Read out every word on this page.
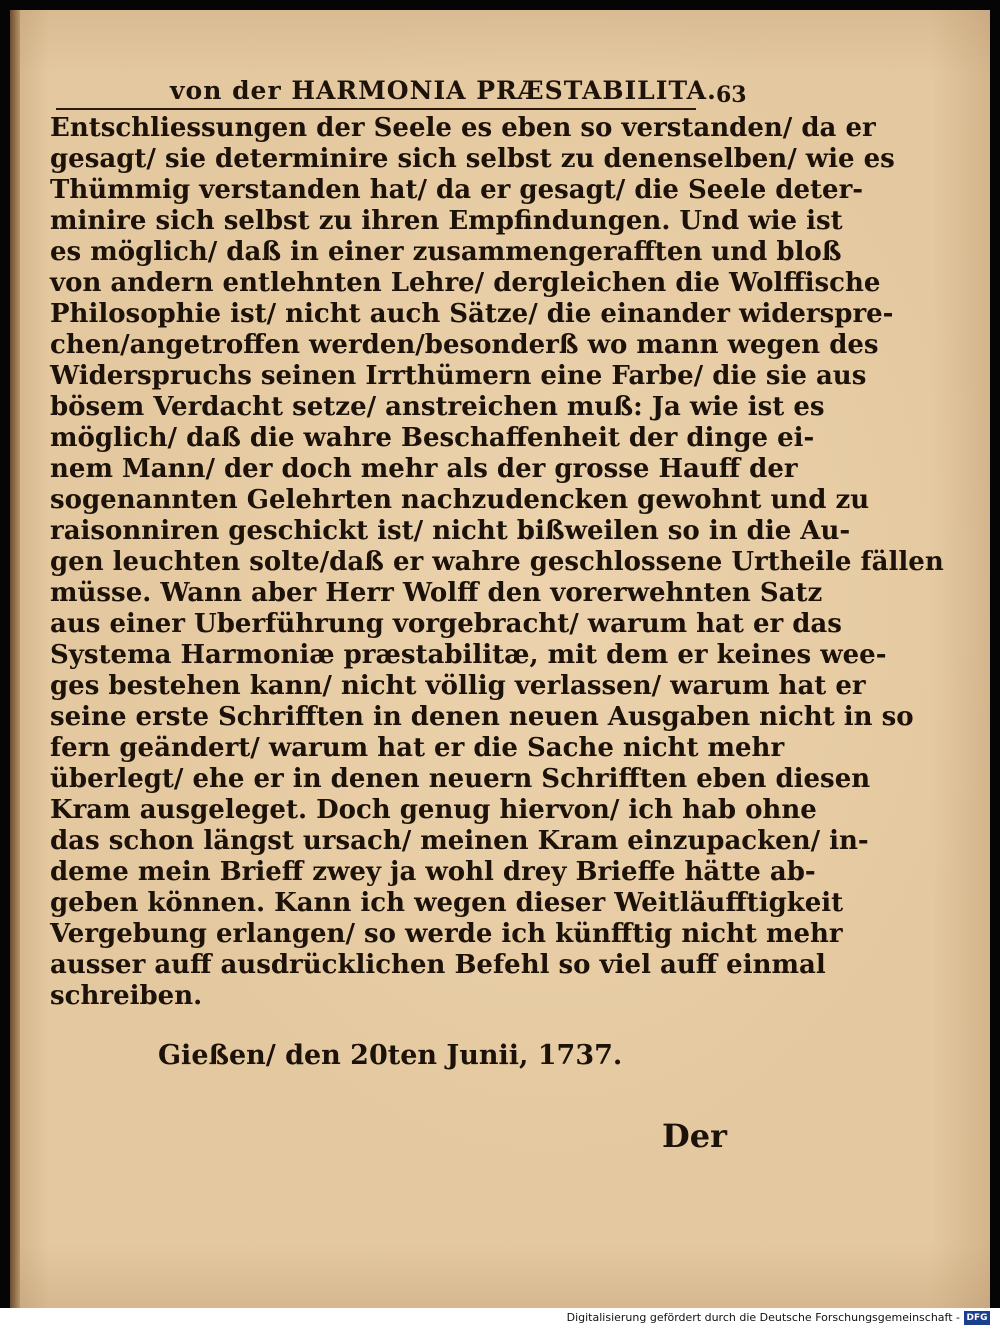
von der HARMONIA PRÆSTABILITA. 63
Entschliessungen der Seele es eben so verstanden/ da er
gesagt/ sie determinire sich selbst zu denenselben/ wie es
Thümmig verstanden hat/ da er gesagt/ die Seele deter-
minire sich selbst zu ihren Empfindungen. Und wie ist
es möglich/ daß in einer zusammengerafften und bloß
von andern entlehnten Lehre/ dergleichen die Wolffische
Philosophie ist/ nicht auch Sätze/ die einander widerspre-
chen/angetroffen werden/besonderß wo mann wegen des
Widerspruchs seinen Irrthümern eine Farbe/ die sie aus
bösem Verdacht setze/ anstreichen muß: Ja wie ist es
möglich/ daß die wahre Beschaffenheit der dinge ei-
nem Mann/ der doch mehr als der grosse Hauff der
sogenannten Gelehrten nachzudencken gewohnt und zu
raisonniren geschickt ist/ nicht bißweilen so in die Au-
gen leuchten solte/daß er wahre geschlossene Urtheile fällen
müsse. Wann aber Herr Wolff den vorerwehnten Satz
aus einer Uberführung vorgebracht/ warum hat er das
Systema Harmoniæ præstabilitæ, mit dem er keines wee-
ges bestehen kann/ nicht völlig verlassen/ warum hat er
seine erste Schrifften in denen neuen Ausgaben nicht in so
fern geändert/ warum hat er die Sache nicht mehr
überlegt/ ehe er in denen neuern Schrifften eben diesen
Kram ausgeleget. Doch genug hiervon/ ich hab ohne
das schon längst ursach/ meinen Kram einzupacken/ in-
deme mein Brieff zwey ja wohl drey Brieffe hätte ab-
geben können. Kann ich wegen dieser Weitläufftigkeit
Vergebung erlangen/ so werde ich künfftig nicht mehr
ausser auff ausdrücklichen Befehl so viel auff einmal
schreiben.
Gießen/ den 20ten Junii, 1737.
Der
Digitalisierung gefördert durch die Deutsche Forschungsgemeinschaft - DFG
